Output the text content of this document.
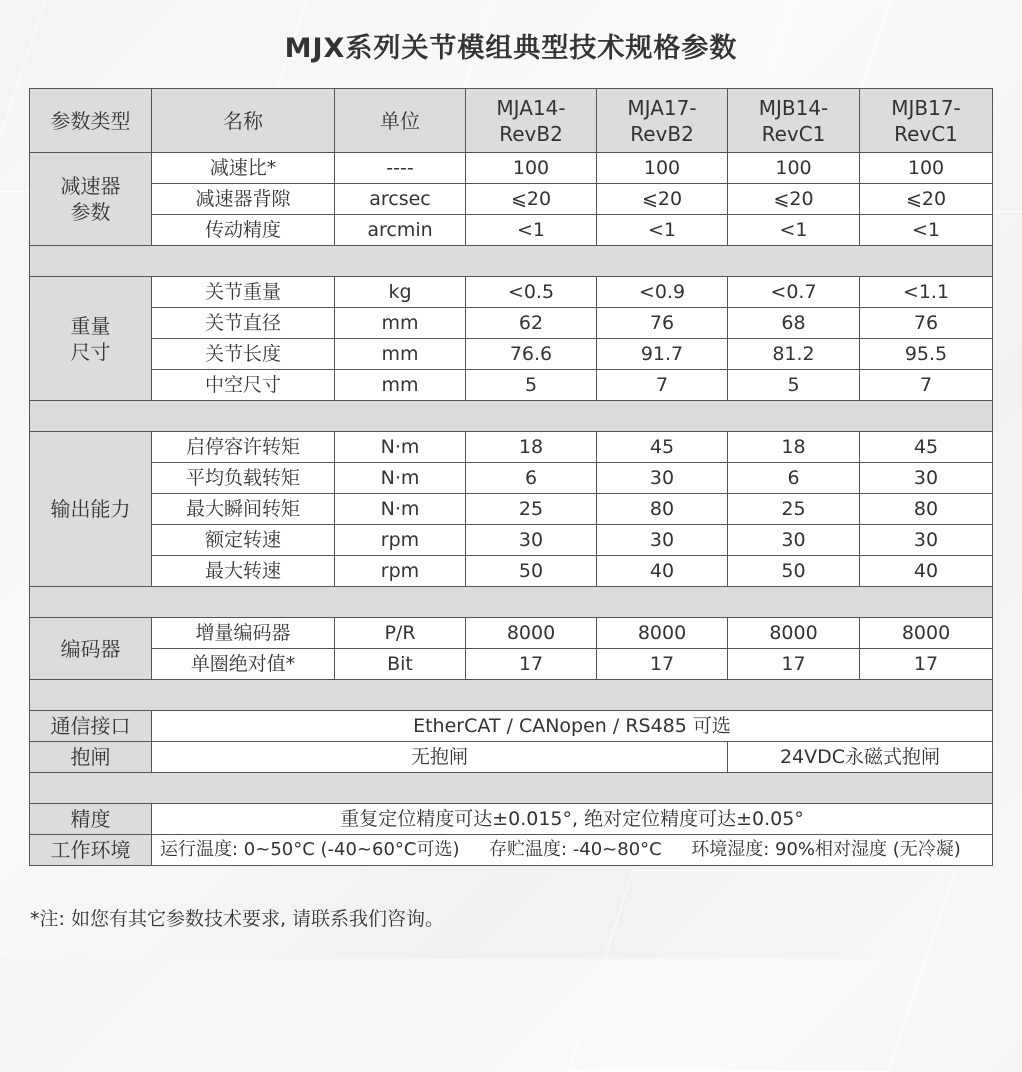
MJX系列关节模组典型技术规格参数
参数类型	名称	单位	MJA14-RevB2	MJA17-RevB2	MJB14-RevC1	MJB17-RevC1
减速器参数	减速比*	----	100	100	100	100
	减速器背隙	arcsec	⩽20	⩽20	⩽20	⩽20
	传动精度	arcmin	<1	<1	<1	<1

重量尺寸	关节重量	kg	<0.5	<0.9	<0.7	<1.1
	关节直径	mm	62	76	68	76
	关节长度	mm	76.6	91.7	81.2	95.5
	中空尺寸	mm	5	7	5	7

输出能力	启停容许转矩	N·m	18	45	18	45
	平均负载转矩	N·m	6	30	6	30
	最大瞬间转矩	N·m	25	80	25	80
	额定转速	rpm	30	30	30	30
	最大转速	rpm	50	40	50	40

编码器	增量编码器	P/R	8000	8000	8000	8000
	单圈绝对值*	Bit	17	17	17	17

通信接口	EtherCAT / CANopen / RS485 可选					
抱闸	无抱闸				24VDC永磁式抱闸	

精度	重复定位精度可达±0.015°, 绝对定位精度可达±0.05°					
工作环境	运行温度: 0~50°C (-40~60°C可选) 存贮温度: -40~80°C 环境湿度: 90%相对湿度 (无冷凝)					
*注: 如您有其它参数技术要求, 请联系我们咨询。
